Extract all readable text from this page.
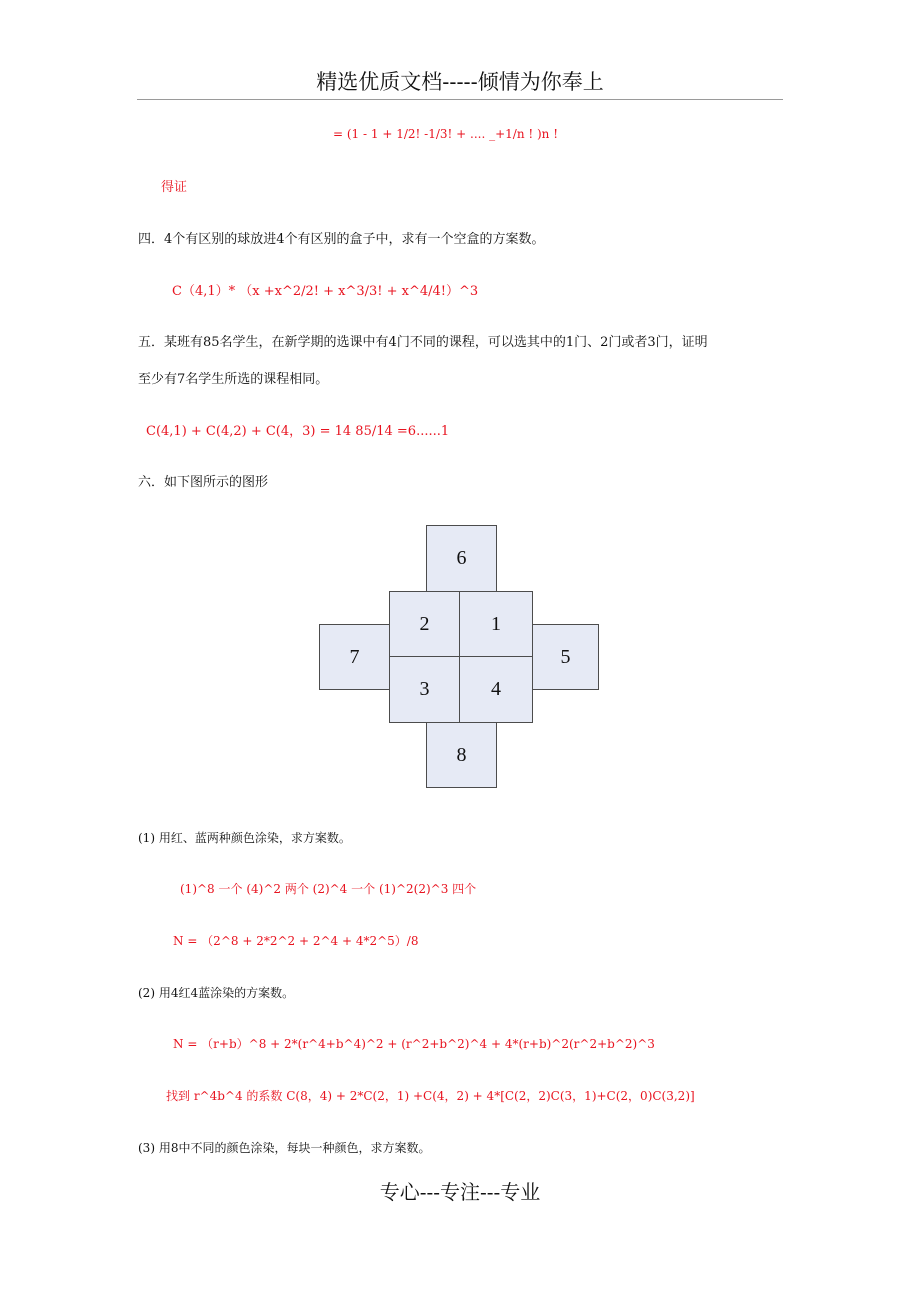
精选优质文档-----倾情为你奉上
= (1 - 1 + 1/2! -1/3! + .... _+1/n ! )n !
得证
四．4个有区别的球放进4个有区别的盒子中，求有一个空盒的方案数。
C（4,1）* （x +x^2/2! + x^3/3! + x^4/4!）^3
五．某班有85名学生，在新学期的选课中有4门不同的课程，可以选其中的1门、2门或者3门，证明
至少有7名学生所选的课程相同。
C(4,1) + C(4,2) + C(4，3) = 14 85/14 =6......1
六．如下图所示的图形
6
2	1
7	5
3	4
8
(1) 用红、蓝两种颜色涂染，求方案数。
(1)^8 一个 (4)^2 两个 (2)^4 一个 (1)^2(2)^3 四个
N = （2^8 + 2*2^2 + 2^4 + 4*2^5）/8
(2) 用4红4蓝涂染的方案数。
N = （r+b）^8 + 2*(r^4+b^4)^2 + (r^2+b^2)^4 + 4*(r+b)^2(r^2+b^2)^3
找到 r^4b^4 的系数 C(8，4) + 2*C(2，1) +C(4，2) + 4*[C(2，2)C(3，1)+C(2，0)C(3,2)]
(3) 用8中不同的颜色涂染，每块一种颜色，求方案数。
专心---专注---专业
